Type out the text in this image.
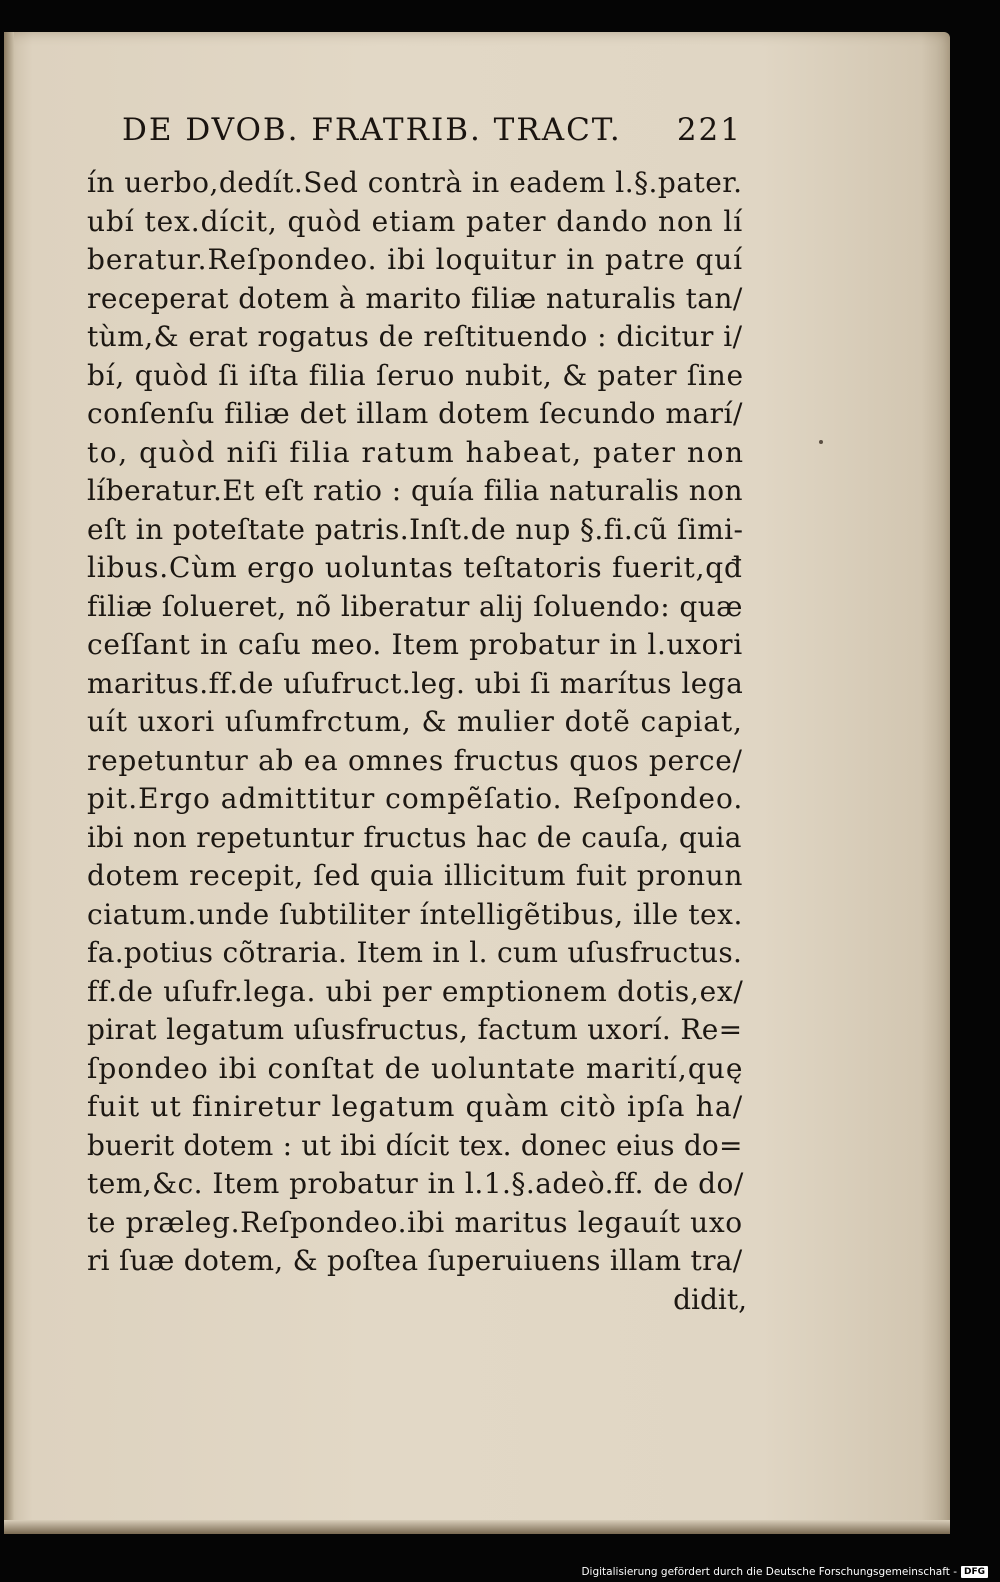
DE DVOB. FRATRIB. TRACT. 221
ín uerbo,dedít.Sed contrà in eadem l.§.pater.
ubí tex.dícit, quòd etiam pater dando non lí
beratur.Reſpondeo. ibi loquitur in patre quí
receperat dotem à marito filiæ naturalis tan/
tùm,& erat rogatus de reſtituendo : dicitur i/
bí, quòd ſi iſta filia ſeruo nubit, & pater ſine
conſenſu filiæ det illam dotem ſecundo marí/
to, quòd niſi filia ratum habeat, pater non
líberatur.Et eſt ratio : quía filia naturalis non
eſt in poteſtate patris.Inſt.de nup §.fi.cũ ſimi-
libus.Cùm ergo uoluntas teſtatoris fuerit,qđ
filiæ ſolueret, nõ liberatur alij ſoluendo: quæ
ceſſant in caſu meo. Item probatur in l.uxori
maritus.ff.de uſufruct.leg. ubi ſi marítus lega
uít uxori uſumfrctum, & mulier dotẽ capiat,
repetuntur ab ea omnes fructus quos perce/
pit.Ergo admittitur compẽſatio. Reſpondeo.
ibi non repetuntur fructus hac de cauſa, quia
dotem recepit, ſed quia illicitum fuit pronun
ciatum.unde ſubtiliter íntelligẽtibus, ille tex.
fa.potius cõtraria. Item in l. cum uſusfructus.
ff.de uſufr.lega. ubi per emptionem dotis,ex/
pirat legatum uſusfructus, factum uxorí. Re=
ſpondeo ibi conſtat de uoluntate marití,quę
fuit ut finiretur legatum quàm citò ipſa ha/
buerit dotem : ut ibi dícit tex. donec eius do=
tem,&c. Item probatur in l.1.§.adeò.ff. de do/
te præleg.Reſpondeo.ibi maritus legauít uxo
ri ſuæ dotem, & poſtea ſuperuiuens illam tra/
didit,
Digitalisierung gefördert durch die Deutsche Forschungsgemeinschaft - DFG
